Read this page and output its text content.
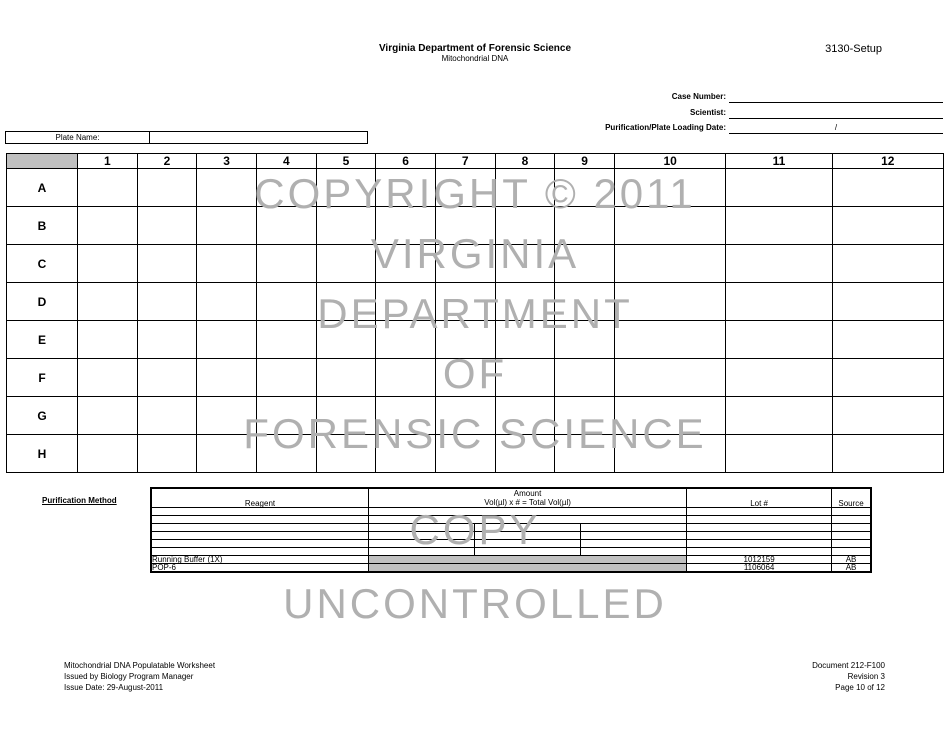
Virginia Department of Forensic Science
Mitochondrial DNA
3130-Setup
Case Number:
Scientist:
Purification/Plate Loading Date:	/
Plate Name:
	1	2	3	4	5	6	7	8	9	10	11	12
A												
B												
C												
D												
E												
F												
G												
H												
Purification Method	Reagent	Amount
Vol(µl) x # = Total Vol(µl)			Lot #	Source

Running Buffer (1X)				1012159	AB
POP-6				1106064	AB
COPYRIGHT © 2011
VIRGINIA
DEPARTMENT
OF
FORENSIC SCIENCE
UNCONTROLLED
COPY
Mitochondrial DNA Populatable Worksheet
Issued by Biology Program Manager
Issue Date: 29-August-2011
Document 212-F100
Revision 3
Page 10 of 12
